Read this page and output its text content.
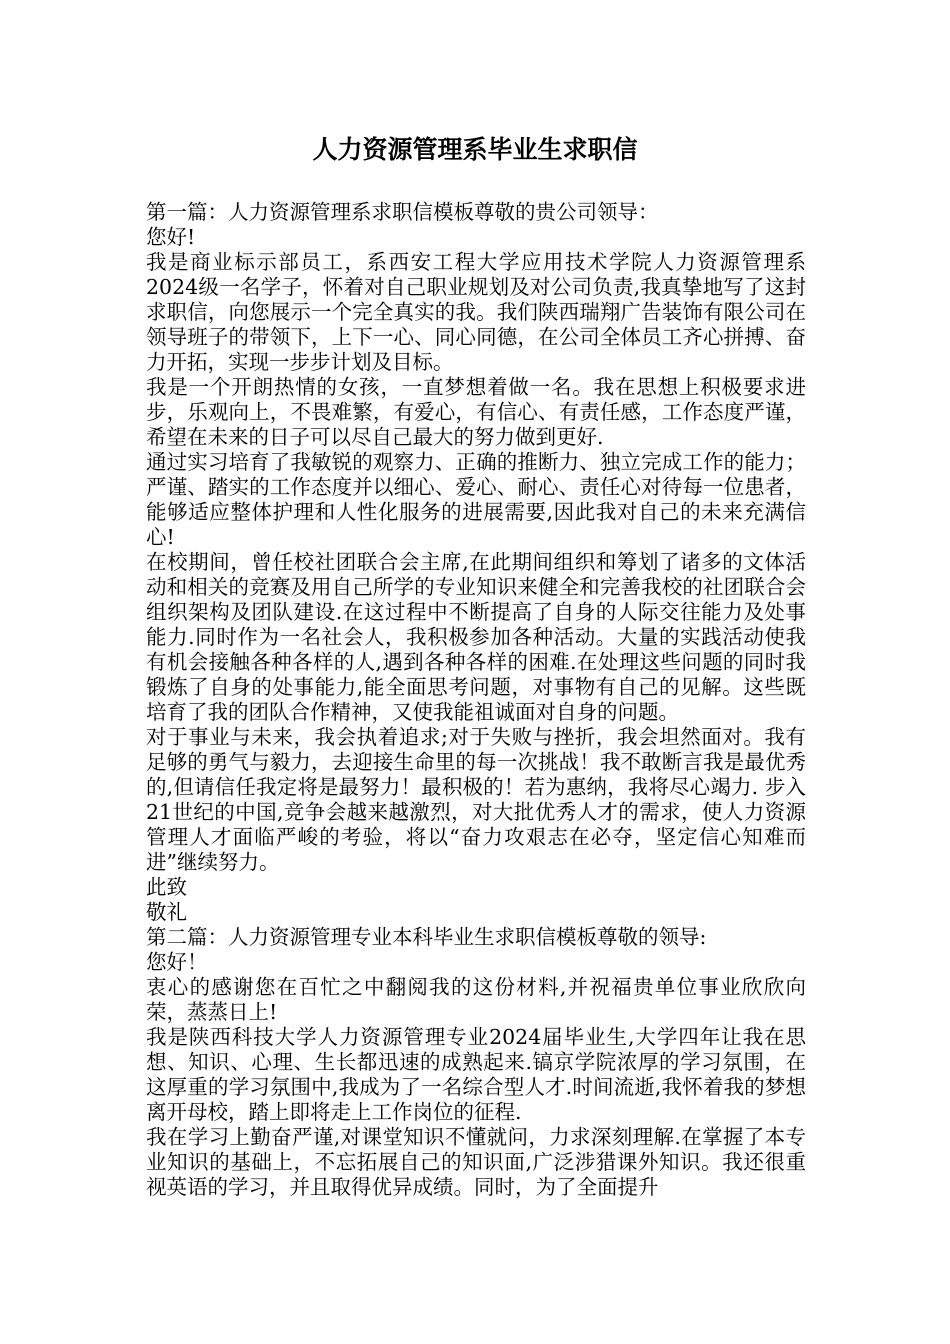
人力资源管理系毕业生求职信

第一篇：人力资源管理系求职信模板尊敬的贵公司领导：

您好!

我是商业标示部员工，系西安工程大学应用技术学院人力资源管理系2024级一名学子，怀着对自己职业规划及对公司负责,我真挚地写了这封求职信，向您展示一个完全真实的我。我们陕西瑞翔广告装饰有限公司在领导班子的带领下，上下一心、同心同德，在公司全体员工齐心拼搏、奋力开拓，实现一步步计划及目标。

我是一个开朗热情的女孩，一直梦想着做一名。我在思想上积极要求进步，乐观向上，不畏难繁，有爱心，有信心、有责任感，工作态度严谨，希望在未来的日子可以尽自己最大的努力做到更好.

通过实习培育了我敏锐的观察力、正确的推断力、独立完成工作的能力；严谨、踏实的工作态度并以细心、爱心、耐心、责任心对待每一位患者，能够适应整体护理和人性化服务的进展需要,因此我对自己的未来充满信心!

在校期间，曾任校社团联合会主席,在此期间组织和筹划了诸多的文体活动和相关的竞赛及用自己所学的专业知识来健全和完善我校的社团联合会组织架构及团队建设.在这过程中不断提高了自身的人际交往能力及处事能力.同时作为一名社会人，我积极参加各种活动。大量的实践活动使我有机会接触各种各样的人,遇到各种各样的困难.在处理这些问题的同时我锻炼了自身的处事能力,能全面思考问题，对事物有自己的见解。这些既培育了我的团队合作精神，又使我能祖诚面对自身的问题。

对于事业与未来，我会执着追求;对于失败与挫折，我会坦然面对。我有足够的勇气与毅力，去迎接生命里的每一次挑战！我不敢断言我是最优秀的,但请信任我定将是最努力！最积极的！若为惠纳，我将尽心竭力. 步入21世纪的中国,竞争会越来越激烈，对大批优秀人才的需求，使人力资源管理人才面临严峻的考验，将以“奋力攻艰志在必夺，坚定信心知难而进”继续努力。

此致

敬礼

第二篇：人力资源管理专业本科毕业生求职信模板尊敬的领导:

您好！

衷心的感谢您在百忙之中翻阅我的这份材料,并祝福贵单位事业欣欣向荣，蒸蒸日上!

我是陕西科技大学人力资源管理专业2024届毕业生,大学四年让我在思想、知识、心理、生长都迅速的成熟起来.镐京学院浓厚的学习氛围，在这厚重的学习氛围中,我成为了一名综合型人才.时间流逝,我怀着我的梦想离开母校，踏上即将走上工作岗位的征程.

我在学习上勤奋严谨,对课堂知识不懂就问，力求深刻理解.在掌握了本专业知识的基础上，不忘拓展自己的知识面,广泛涉猎课外知识。我还很重视英语的学习，并且取得优异成绩。同时，为了全面提升
